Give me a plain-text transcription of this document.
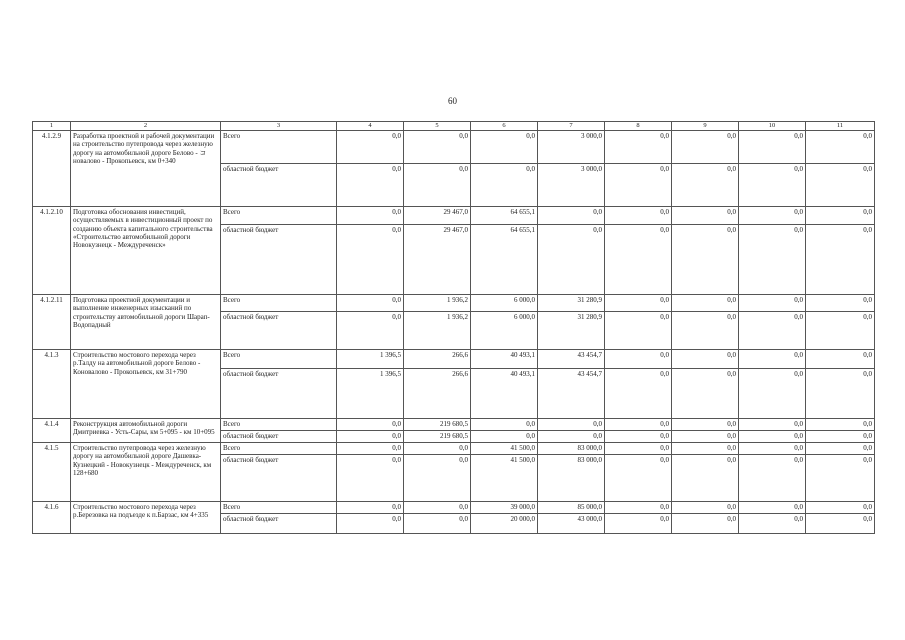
60
1	2	3	4	5	6	7	8	9	10	11
4.1.2.9	Разработка проектной и рабочей документации на строительство путепровода через железную дорогу на автомобильной дороге Белово - コновалово - Прокопьевск, км 0+340	Всего	0,0	0,0	0,0	3 000,0	0,0	0,0	0,0	0,0
		областной бюджет	0,0	0,0	0,0	3 000,0	0,0	0,0	0,0	0,0
4.1.2.10	Подготовка обоснования инвестиций, осуществляемых в инвестиционный проект по созданию объекта капитального строительства «Строительство автомобильной дороги Новокузнецк - Междуреченск»	Всего	0,0	29 467,0	64 655,1	0,0	0,0	0,0	0,0	0,0
		областной бюджет	0,0	29 467,0	64 655,1	0,0	0,0	0,0	0,0	0,0
4.1.2.11	Подготовка проектной документации и выполнение инженерных изысканий по строительству автомобильной дороги Шарап-Водопадный	Всего	0,0	1 936,2	6 000,0	31 280,9	0,0	0,0	0,0	0,0
		областной бюджет	0,0	1 936,2	6 000,0	31 280,9	0,0	0,0	0,0	0,0
4.1.3	Строительство мостового перехода через р.Талду на автомобильной дороге Белово - Коновалово - Прокопьевск, км 31+790	Всего	1 396,5	266,6	40 493,1	43 454,7	0,0	0,0	0,0	0,0
		областной бюджет	1 396,5	266,6	40 493,1	43 454,7	0,0	0,0	0,0	0,0
4.1.4	Реконструкция автомобильной дороги Дмитриевка - Усть-Сары, км 5+095 - км 10+095	Всего	0,0	219 680,5	0,0	0,0	0,0	0,0	0,0	0,0
		областной бюджет	0,0	219 680,5	0,0	0,0	0,0	0,0	0,0	0,0
4.1.5	Строительство путепровода через железную дорогу на автомобильной дороге Дашевка-Кузнецкий - Новокузнецк - Междуреченск, км 128+680	Всего	0,0	0,0	41 500,0	83 000,0	0,0	0,0	0,0	0,0
		областной бюджет	0,0	0,0	41 500,0	83 000,0	0,0	0,0	0,0	0,0
4.1.6	Строительство мостового перехода через р.Березовка на подъезде к п.Барзас, км 4+335	Всего	0,0	0,0	39 000,0	85 000,0	0,0	0,0	0,0	0,0
		областной бюджет	0,0	0,0	20 000,0	43 000,0	0,0	0,0	0,0	0,0
